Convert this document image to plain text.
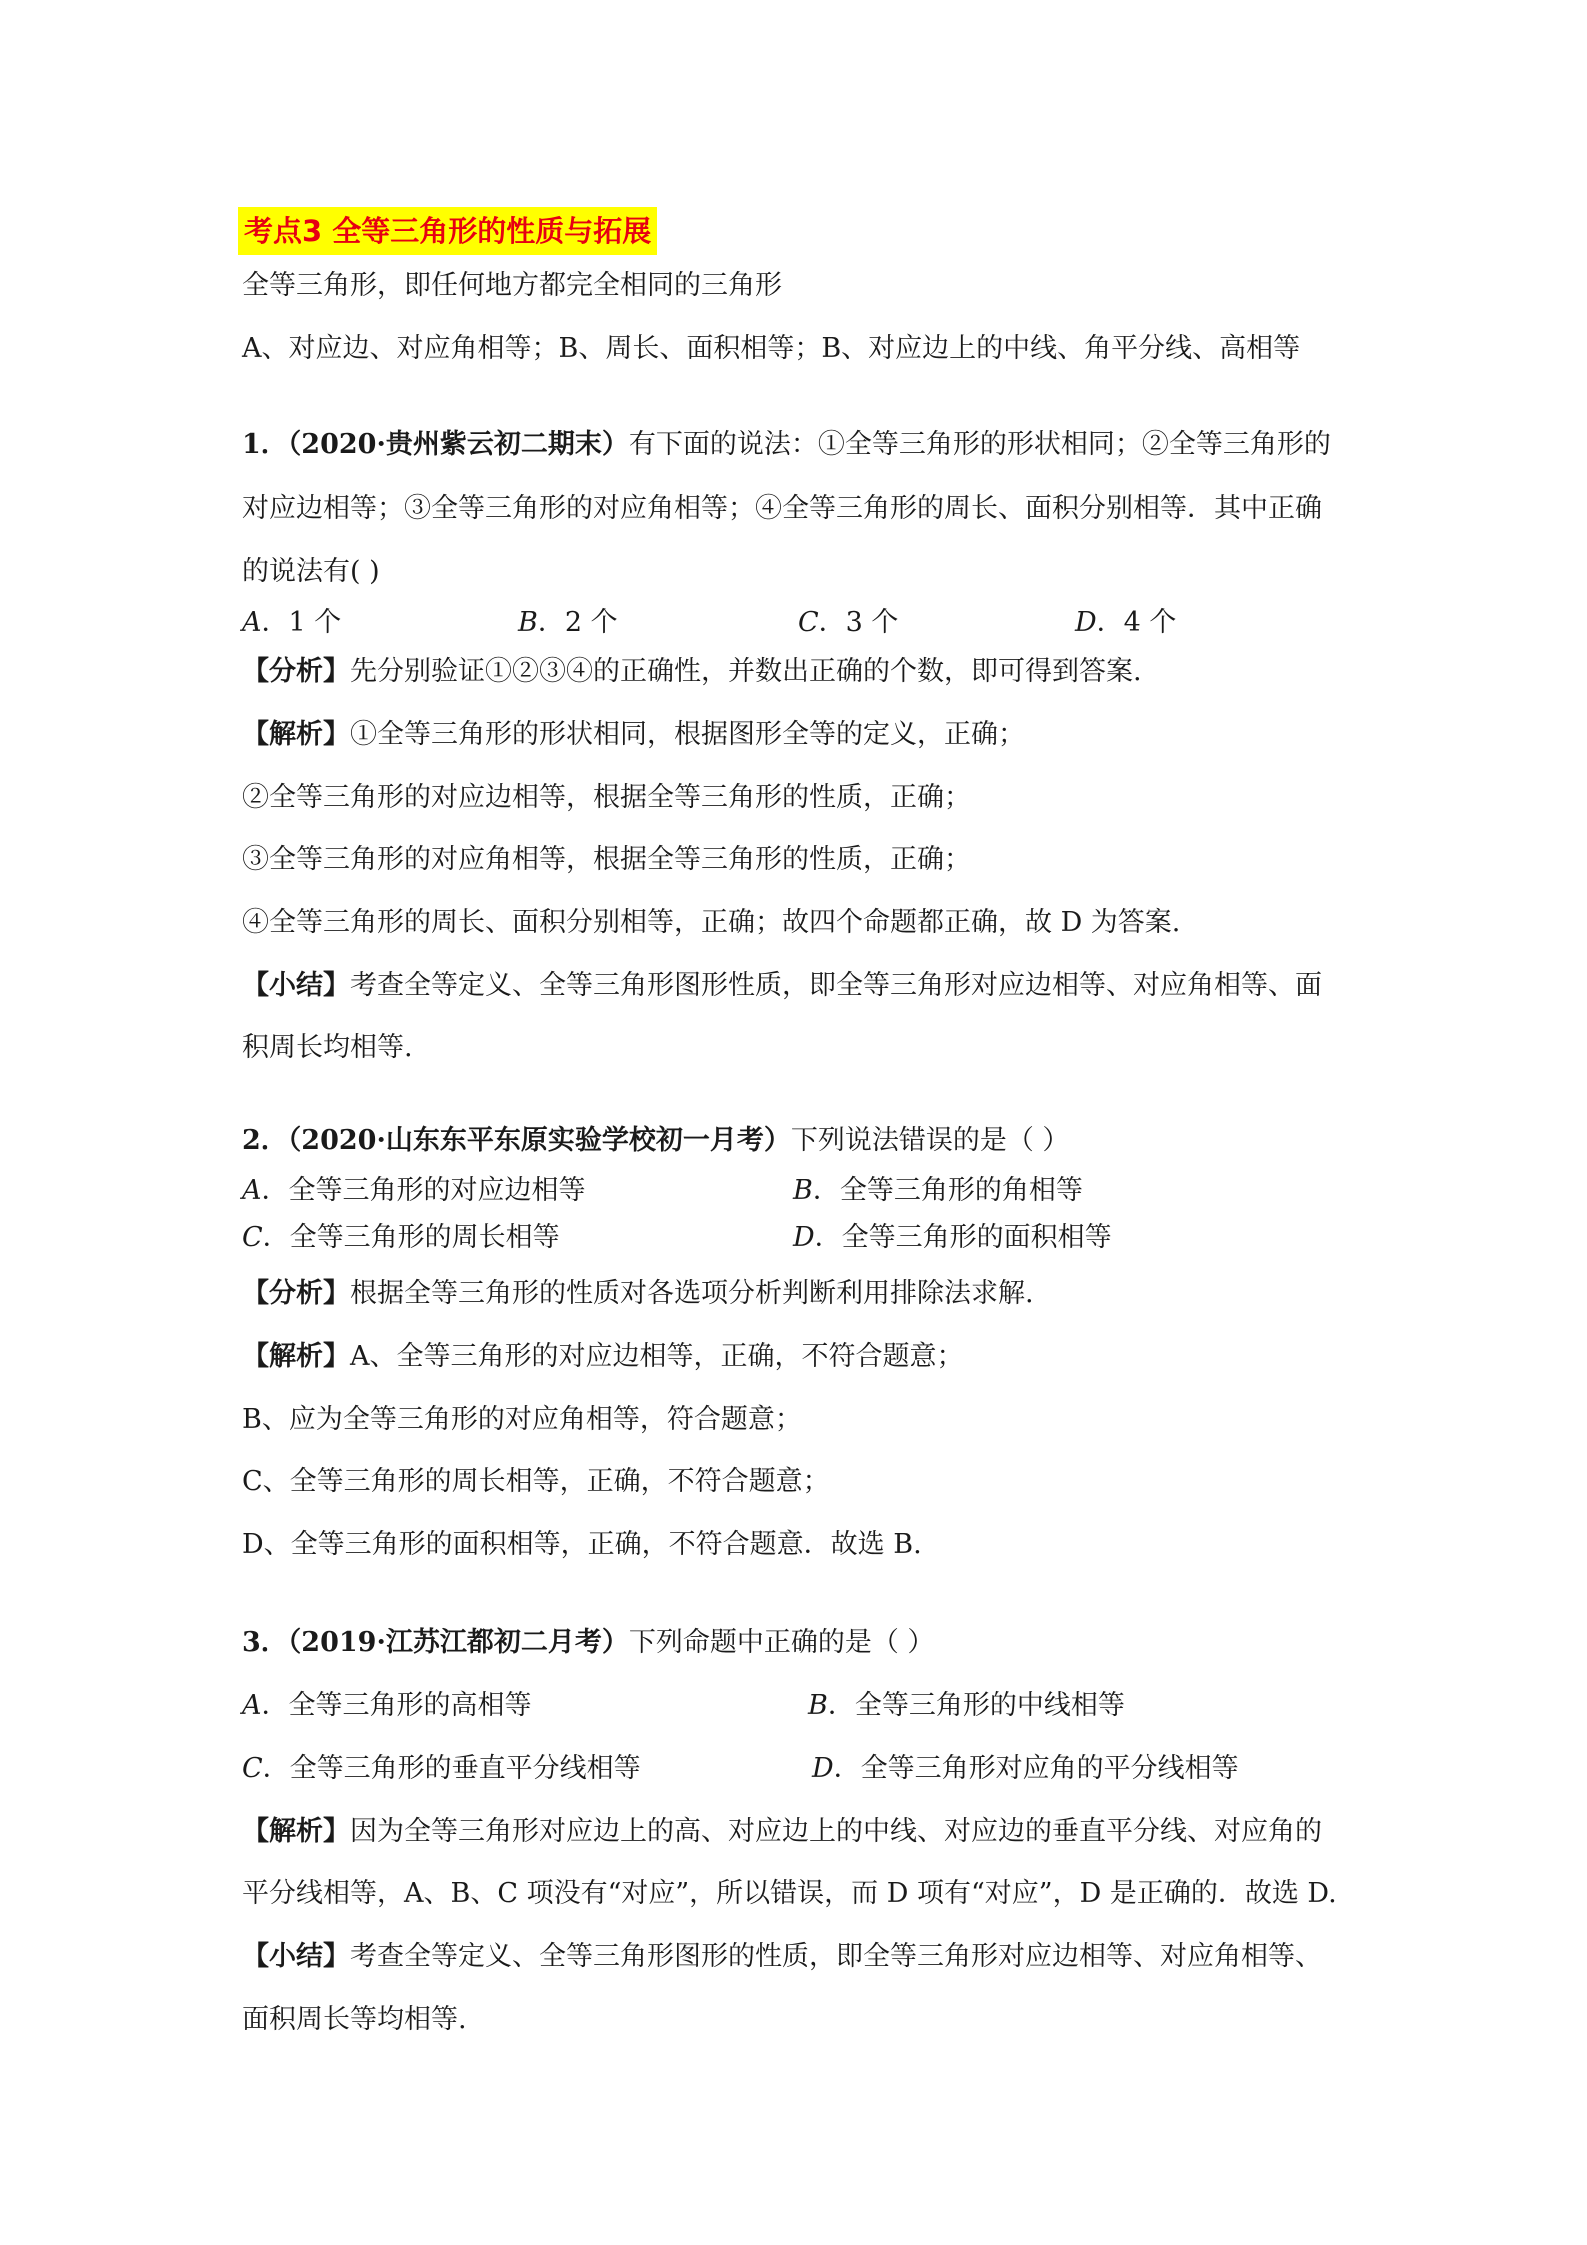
考点3 全等三角形的性质与拓展
全等三角形，即任何地方都完全相同的三角形
A、对应边、对应角相等；B、周长、面积相等；B、对应边上的中线、角平分线、高相等
1．（2020·贵州紫云初二期末）有下面的说法：①全等三角形的形状相同；②全等三角形的
对应边相等；③全等三角形的对应角相等；④全等三角形的周长、面积分别相等．其中正确
的说法有( )
A．1 个	B．2 个	C．3 个	D．4 个
【分析】先分别验证①②③④的正确性，并数出正确的个数，即可得到答案.
【解析】①全等三角形的形状相同，根据图形全等的定义，正确；
②全等三角形的对应边相等，根据全等三角形的性质，正确；
③全等三角形的对应角相等，根据全等三角形的性质，正确；
④全等三角形的周长、面积分别相等，正确；故四个命题都正确，故 D 为答案.
【小结】考查全等定义、全等三角形图形性质，即全等三角形对应边相等、对应角相等、面
积周长均相等.
2．（2020·山东东平东原实验学校初一月考）下列说法错误的是（ ）
A．全等三角形的对应边相等	B．全等三角形的角相等
C．全等三角形的周长相等	D．全等三角形的面积相等
【分析】根据全等三角形的性质对各选项分析判断利用排除法求解.
【解析】A、全等三角形的对应边相等，正确，不符合题意；
B、应为全等三角形的对应角相等，符合题意；
C、全等三角形的周长相等，正确，不符合题意；
D、全等三角形的面积相等，正确，不符合题意．故选 B.
3．（2019·江苏江都初二月考）下列命题中正确的是（ ）
A．全等三角形的高相等	B．全等三角形的中线相等
C．全等三角形的垂直平分线相等	D．全等三角形对应角的平分线相等
【解析】因为全等三角形对应边上的高、对应边上的中线、对应边的垂直平分线、对应角的
平分线相等，A、B、C 项没有“对应”，所以错误，而 D 项有“对应”，D 是正确的．故选 D.
【小结】考查全等定义、全等三角形图形的性质，即全等三角形对应边相等、对应角相等、
面积周长等均相等.
